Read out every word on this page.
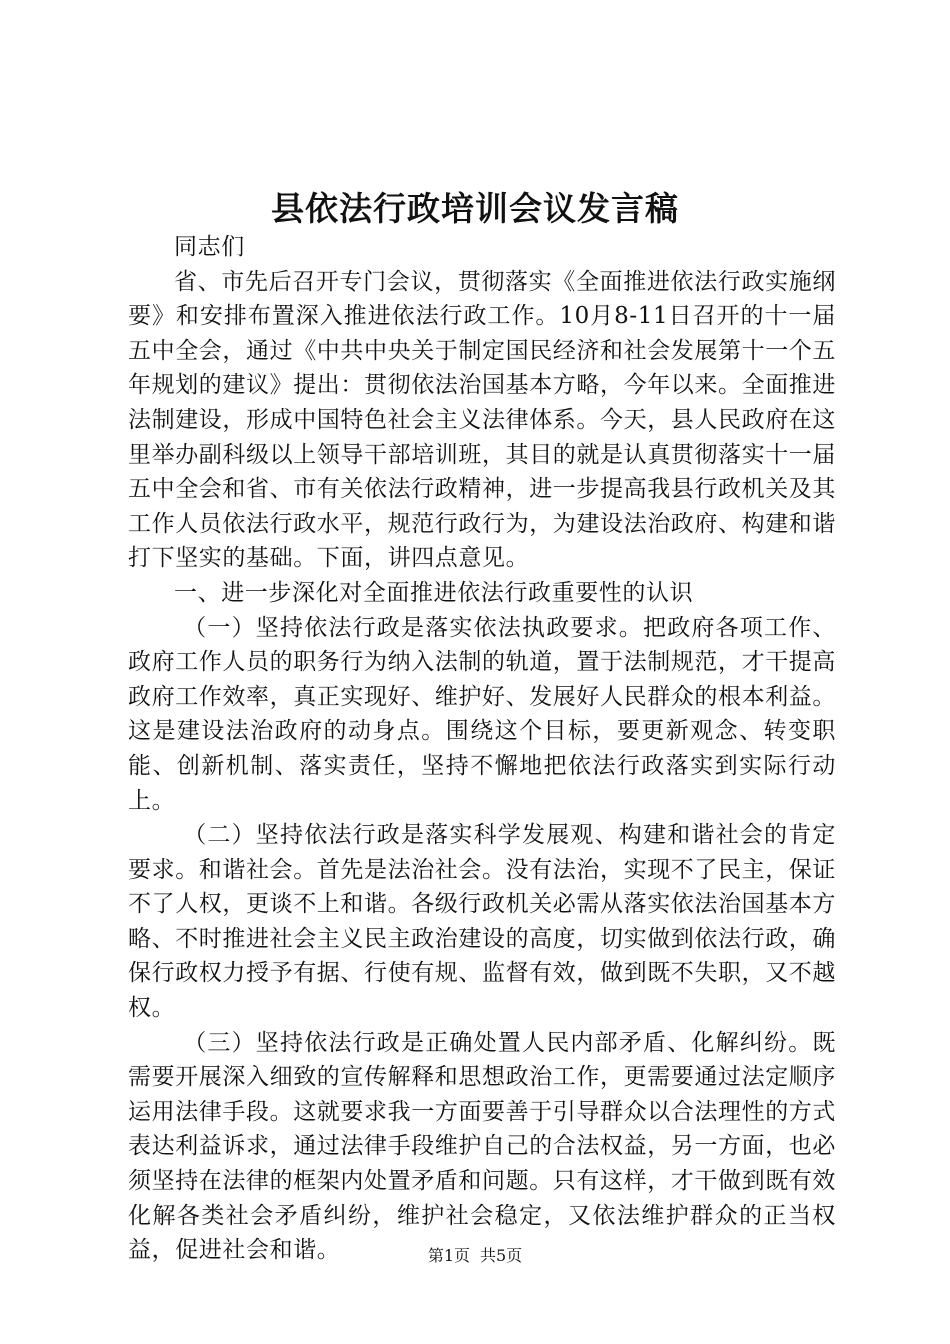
县依法行政培训会议发言稿

同志们

省、市先后召开专门会议，贯彻落实《全面推进依法行政实施纲要》和安排布置深入推进依法行政工作。10月8-11日召开的十一届五中全会，通过《中共中央关于制定国民经济和社会发展第十一个五年规划的建议》提出：贯彻依法治国基本方略，今年以来。全面推进法制建设，形成中国特色社会主义法律体系。今天，县人民政府在这里举办副科级以上领导干部培训班，其目的就是认真贯彻落实十一届五中全会和省、市有关依法行政精神，进一步提高我县行政机关及其工作人员依法行政水平，规范行政行为，为建设法治政府、构建和谐打下坚实的基础。下面，讲四点意见。

一、进一步深化对全面推进依法行政重要性的认识

（一）坚持依法行政是落实依法执政要求。把政府各项工作、政府工作人员的职务行为纳入法制的轨道，置于法制规范，才干提高政府工作效率，真正实现好、维护好、发展好人民群众的根本利益。这是建设法治政府的动身点。围绕这个目标，要更新观念、转变职能、创新机制、落实责任，坚持不懈地把依法行政落实到实际行动上。

（二）坚持依法行政是落实科学发展观、构建和谐社会的肯定要求。和谐社会。首先是法治社会。没有法治，实现不了民主，保证不了人权，更谈不上和谐。各级行政机关必需从落实依法治国基本方略、不时推进社会主义民主政治建设的高度，切实做到依法行政，确保行政权力授予有据、行使有规、监督有效，做到既不失职，又不越权。

（三）坚持依法行政是正确处置人民内部矛盾、化解纠纷。既需要开展深入细致的宣传解释和思想政治工作，更需要通过法定顺序运用法律手段。这就要求我一方面要善于引导群众以合法理性的方式表达利益诉求，通过法律手段维护自己的合法权益，另一方面，也必须坚持在法律的框架内处置矛盾和问题。只有这样，才干做到既有效化解各类社会矛盾纠纷，维护社会稳定，又依法维护群众的正当权益，促进社会和谐。	第1页 共5页
